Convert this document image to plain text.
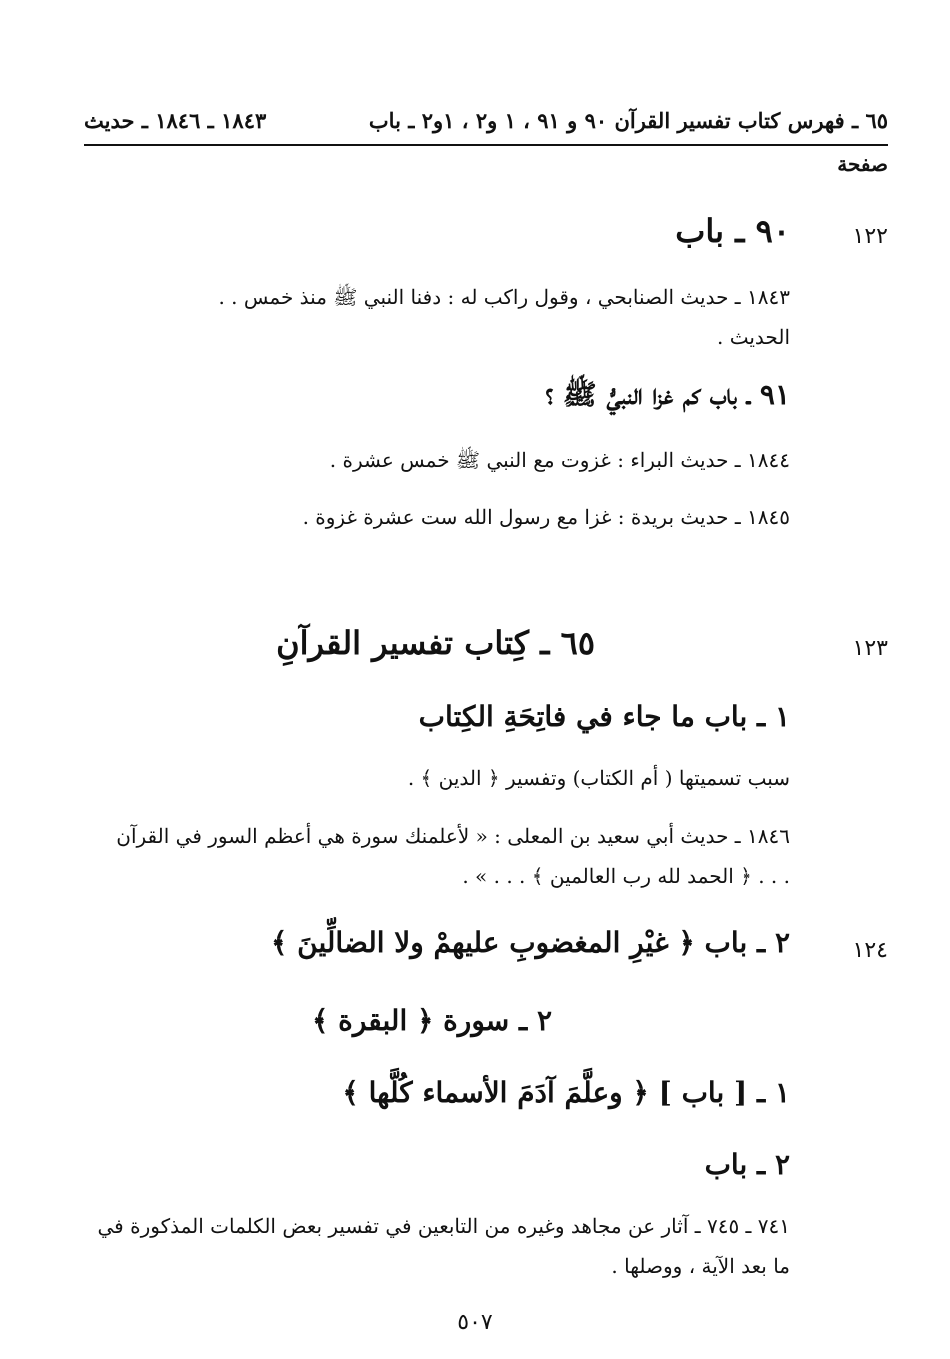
٦٥ ـ فهرس كتاب تفسير القرآن ٩٠ و ٩١ ، ١ و٢ ، ١و٢ ـ باب
١٨٤٣ ـ ١٨٤٦ ـ حديث
صفحة
١٢٢
١٢٣
١٢٤
٩٠ ـ باب

١٨٤٣ ـ حديث الصنابحي ، وقول راكب له : دفنا النبي ﷺ منذ خمس . .

الحديث .

٩١ ـ باب كم غزا النبيُّ ﷺ ؟
١٨٤٤ ـ حديث البراء : غزوت مع النبي ﷺ خمس عشرة .
١٨٤٥ ـ حديث بريدة : غزا مع رسول الله ست عشرة غزوة .
٦٥ ـ كِتاب تفسير القرآنِ
١ ـ باب ما جاء في فاتِحَةِ الكِتاب
سبب تسميتها ( أم الكتاب) وتفسير ﴿ الدين ﴾ .

١٨٤٦ ـ حديث أبي سعيد بن المعلى : « لأعلمنك سورة هي أعظم السور في القرآن

. . . ﴿ الحمد لله رب العالمين ﴾ . . . » .

٢ ـ باب ﴿ غيْرِ المغضوبِ عليهمْ ولا الضالِّينَ ﴾
٢ ـ سورة ﴿ البقرة ﴾
١ ـ [ باب ] ﴿ وعلَّمَ آدَمَ الأسماء كُلَّها ﴾
٢ ـ باب

٧٤١ ـ ٧٤٥ ـ آثار عن مجاهد وغيره من التابعين في تفسير بعض الكلمات المذكورة في

ما بعد الآية ، ووصلها .

٥٠٧
